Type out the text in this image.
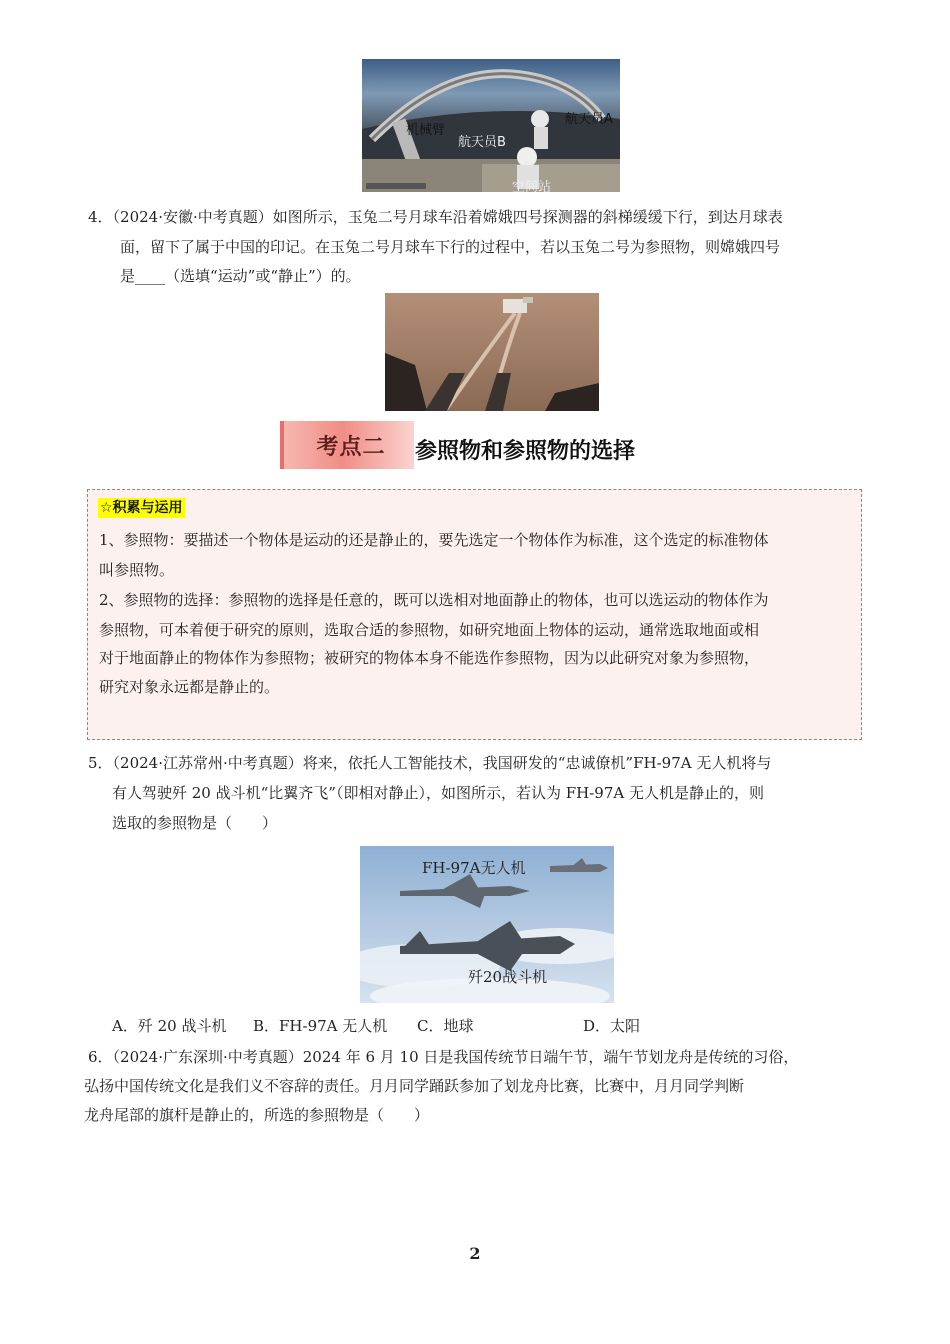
机械臂
航天员B
航天员A
空间站
4．（2024·安徽·中考真题）如图所示，玉兔二号月球车沿着嫦娥四号探测器的斜梯缓缓下行，到达月球表
面，留下了属于中国的印记。在玉兔二号月球车下行的过程中，若以玉兔二号为参照物，则嫦娥四号
是____（选填“运动”或“静止”）的。
考点二	参照物和参照物的选择
☆积累与运用
1、参照物：要描述一个物体是运动的还是静止的，要先选定一个物体作为标准，这个选定的标准物体
叫参照物。
2、参照物的选择：参照物的选择是任意的，既可以选相对地面静止的物体，也可以选运动的物体作为
参照物，可本着便于研究的原则，选取合适的参照物，如研究地面上物体的运动，通常选取地面或相
对于地面静止的物体作为参照物；被研究的物体本身不能选作参照物，因为以此研究对象为参照物，
研究对象永远都是静止的。
5．（2024·江苏常州·中考真题）将来，依托人工智能技术，我国研发的“忠诚僚机”FH-97A 无人机将与
有人驾驶歼 20 战斗机“比翼齐飞”（即相对静止），如图所示，若认为 FH-97A 无人机是静止的，则
选取的参照物是（　　）
FH-97A无人机
歼20战斗机
A．歼 20 战斗机 B．FH-97A 无人机 C．地球	D．太阳
6．（2024·广东深圳·中考真题）2024 年 6 月 10 日是我国传统节日端午节，端午节划龙舟是传统的习俗，
弘扬中国传统文化是我们义不容辞的责任。月月同学踊跃参加了划龙舟比赛，比赛中，月月同学判断
龙舟尾部的旗杆是静止的，所选的参照物是（　　）
2
